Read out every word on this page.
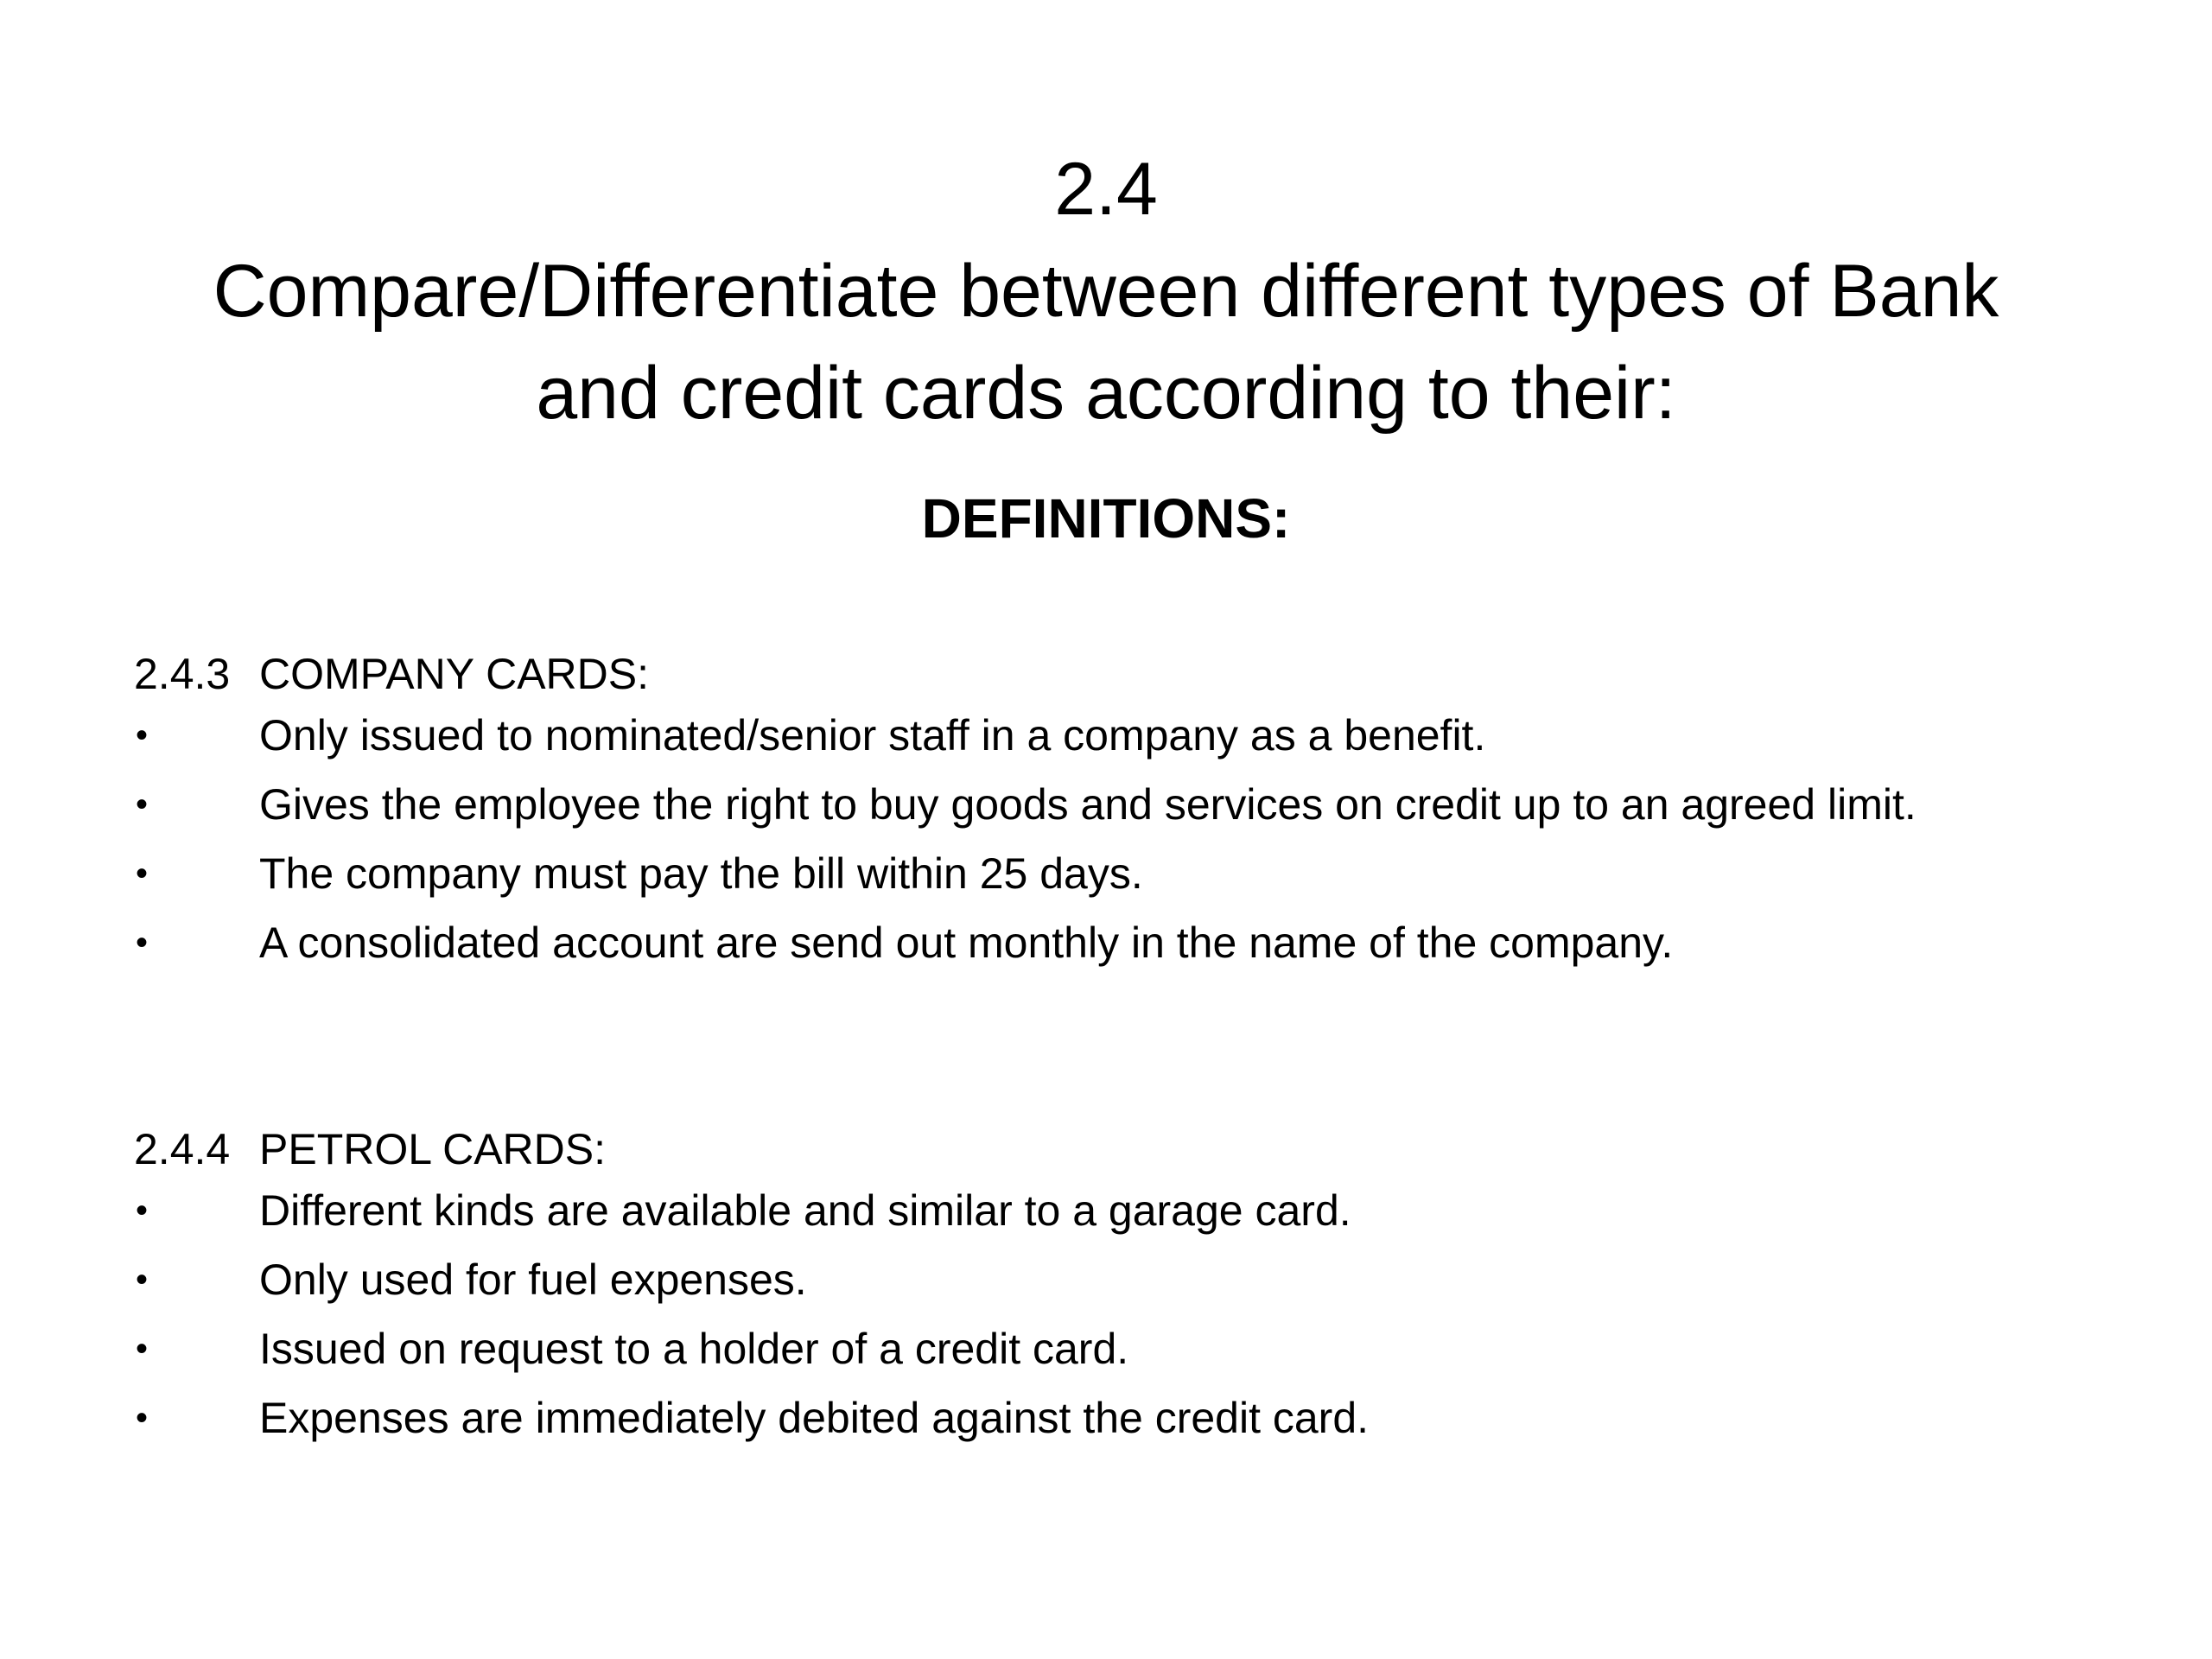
2.4
Compare/Differentiate between different types of Bank
and credit cards according to their:
DEFINITIONS:
2.4.3 COMPANY CARDS:
•	Only issued to nominated/senior staff in a company as a benefit.
•	Gives the employee the right to buy goods and services on credit up to an agreed limit.
•	The company must pay the bill within 25 days.
•	A consolidated account are send out monthly in the name of the company.
2.4.4 PETROL CARDS:
•	Different kinds are available and similar to a garage card.
•	Only used for fuel expenses.
•	Issued on request to a holder of a credit card.
•	Expenses are immediately debited against the credit card.
